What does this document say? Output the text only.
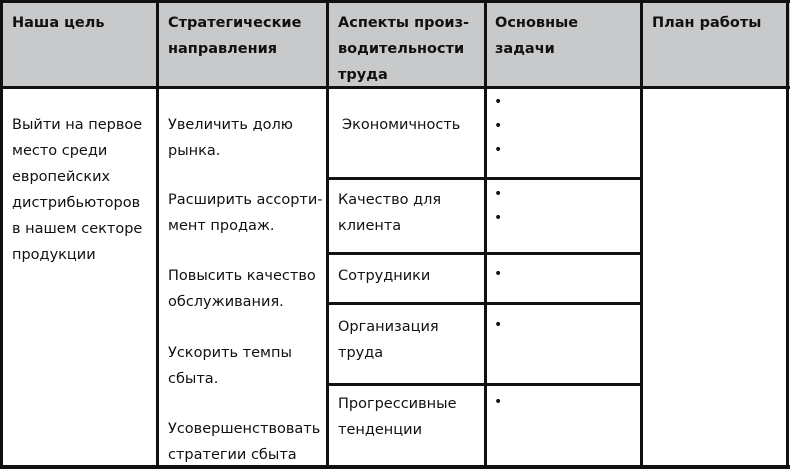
Наша цель	Стратегические
направления
Аспекты произ-
водительности
труда
Основные
задачи
План работы
Выйти на первое
место среди
европейских
дистрибьюторов
в нашем секторе
продукции
Увеличить долю
рынка.
Расширить ассорти-
мент продаж.
Повысить качество
обслуживания.
Ускорить темпы
сбыта.
Усовершенствовать
стратегии сбыта
Экономичность
Качество для
клиента
Сотрудники
Организация
труда
Прогрессивные
тенденции
•
•
•
•
•
•
•
•
